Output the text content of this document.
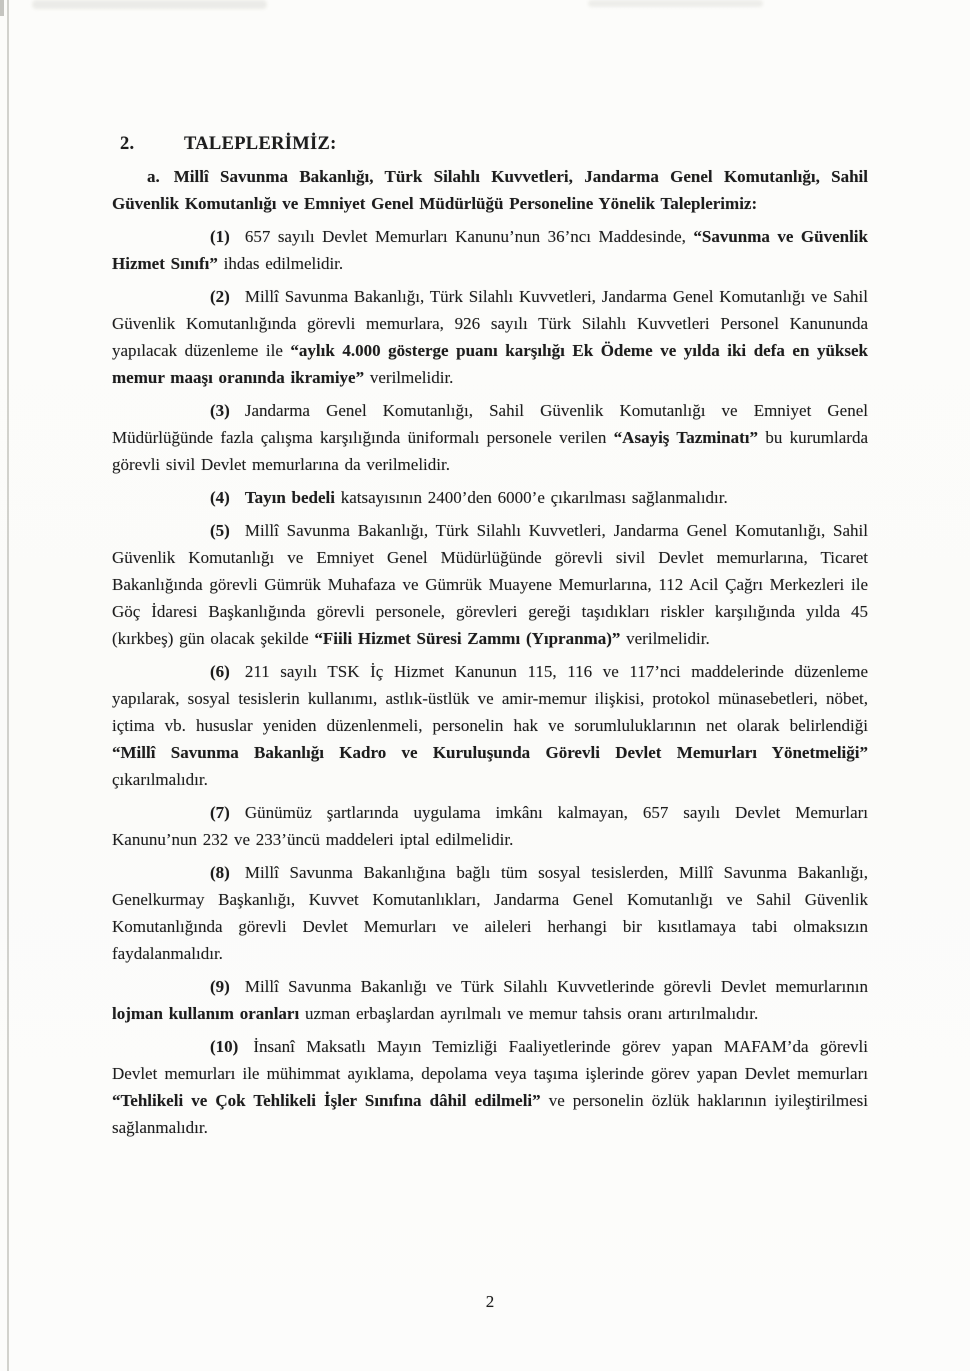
2.	TALEPLERİMİZ:

a. Millî Savunma Bakanlığı, Türk Silahlı Kuvvetleri, Jandarma Genel Komutanlığı, Sahil Güvenlik Komutanlığı ve Emniyet Genel Müdürlüğü Personeline Yönelik Taleplerimiz:

(1) 657 sayılı Devlet Memurları Kanunu’nun 36’ncı Maddesinde, “Savunma ve Güvenlik Hizmet Sınıfı” ihdas edilmelidir.

(2) Millî Savunma Bakanlığı, Türk Silahlı Kuvvetleri, Jandarma Genel Komutanlığı ve Sahil Güvenlik Komutanlığında görevli memurlara, 926 sayılı Türk Silahlı Kuvvetleri Personel Kanununda yapılacak düzenleme ile “aylık 4.000 gösterge puanı karşılığı Ek Ödeme ve yılda iki defa en yüksek memur maaşı oranında ikramiye” verilmelidir.

(3) Jandarma Genel Komutanlığı, Sahil Güvenlik Komutanlığı ve Emniyet Genel Müdürlüğünde fazla çalışma karşılığında üniformalı personele verilen “Asayiş Tazminatı” bu kurumlarda görevli sivil Devlet memurlarına da verilmelidir.

(4) Tayın bedeli katsayısının 2400’den 6000’e çıkarılması sağlanmalıdır.

(5) Millî Savunma Bakanlığı, Türk Silahlı Kuvvetleri, Jandarma Genel Komutanlığı, Sahil Güvenlik Komutanlığı ve Emniyet Genel Müdürlüğünde görevli sivil Devlet memurlarına, Ticaret Bakanlığında görevli Gümrük Muhafaza ve Gümrük Muayene Memurlarına, 112 Acil Çağrı Merkezleri ile Göç İdaresi Başkanlığında görevli personele, görevleri gereği taşıdıkları riskler karşılığında yılda 45 (kırkbeş) gün olacak şekilde “Fiili Hizmet Süresi Zammı (Yıpranma)” verilmelidir.

(6) 211 sayılı TSK İç Hizmet Kanunun 115, 116 ve 117’nci maddelerinde düzenleme yapılarak, sosyal tesislerin kullanımı, astlık-üstlük ve amir-memur ilişkisi, protokol münasebetleri, nöbet, içtima vb. hususlar yeniden düzenlenmeli, personelin hak ve sorumluluklarının net olarak belirlendiği “Millî Savunma Bakanlığı Kadro ve Kuruluşunda Görevli Devlet Memurları Yönetmeliği” çıkarılmalıdır.

(7) Günümüz şartlarında uygulama imkânı kalmayan, 657 sayılı Devlet Memurları Kanunu’nun 232 ve 233’üncü maddeleri iptal edilmelidir.

(8) Millî Savunma Bakanlığına bağlı tüm sosyal tesislerden, Millî Savunma Bakanlığı, Genelkurmay Başkanlığı, Kuvvet Komutanlıkları, Jandarma Genel Komutanlığı ve Sahil Güvenlik Komutanlığında görevli Devlet Memurları ve aileleri herhangi bir kısıtlamaya tabi olmaksızın faydalanmalıdır.

(9) Millî Savunma Bakanlığı ve Türk Silahlı Kuvvetlerinde görevli Devlet memurlarının lojman kullanım oranları uzman erbaşlardan ayrılmalı ve memur tahsis oranı artırılmalıdır.

(10) İnsanî Maksatlı Mayın Temizliği Faaliyetlerinde görev yapan MAFAM’da görevli Devlet memurları ile mühimmat ayıklama, depolama veya taşıma işlerinde görev yapan Devlet memurları “Tehlikeli ve Çok Tehlikeli İşler Sınıfına dâhil edilmeli” ve personelin özlük haklarının iyileştirilmesi sağlanmalıdır.

2
